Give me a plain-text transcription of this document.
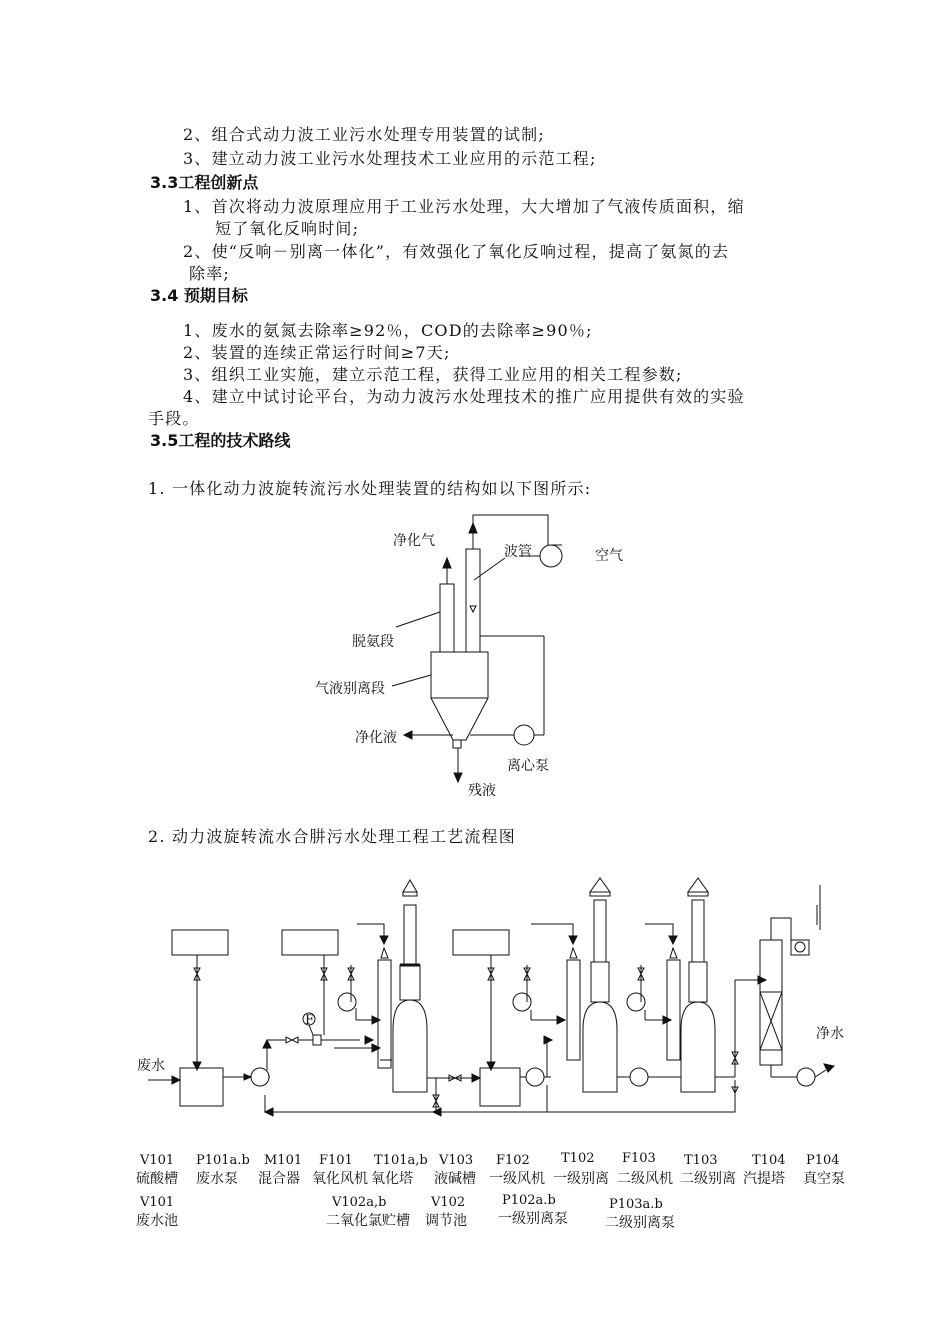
2、组合式动力波工业污水处理专用装置的试制;
3、建立动力波工业污水处理技术工业应用的示范工程;
3.3工程创新点
1、首次将动力波原理应用于工业污水处理，大大增加了气液传质面积，缩
短了氧化反响时间;
2、使“反响－别离一体化”，有效强化了氧化反响过程，提高了氨氮的去
除率;
3.4 预期目标
1、废水的氨氮去除率≥92％，COD的去除率≥90％;
2、装置的连续正常运行时间≥7天;
3、组织工业实施，建立示范工程，获得工业应用的相关工程参数;
4、建立中试讨论平台，为动力波污水处理技术的推广应用提供有效的实验
手段。
3.5工程的技术路线
1. 一体化动力波旋转流污水处理装置的结构如以下图所示:
净化气
波管	空气
脱氨段
气液别离段
净化液
离心泵
残液
2. 动力波旋转流水合肼污水处理工程工艺流程图
废水
净水
F
V101
硫酸槽
P101a.b
废水泵
M101
混合器
F101
氧化风机
T101a,b
氧化塔
V103
液碱槽
F102
一级风机
T102
一级别离
F103
二级风机
T103
二级别离
T104
汽提塔
P104
真空泵
V101
废水池
V102a,b
二氧化氯贮槽
V102
调节池
P102a.b
一级别离泵
P103a.b
二级别离泵
